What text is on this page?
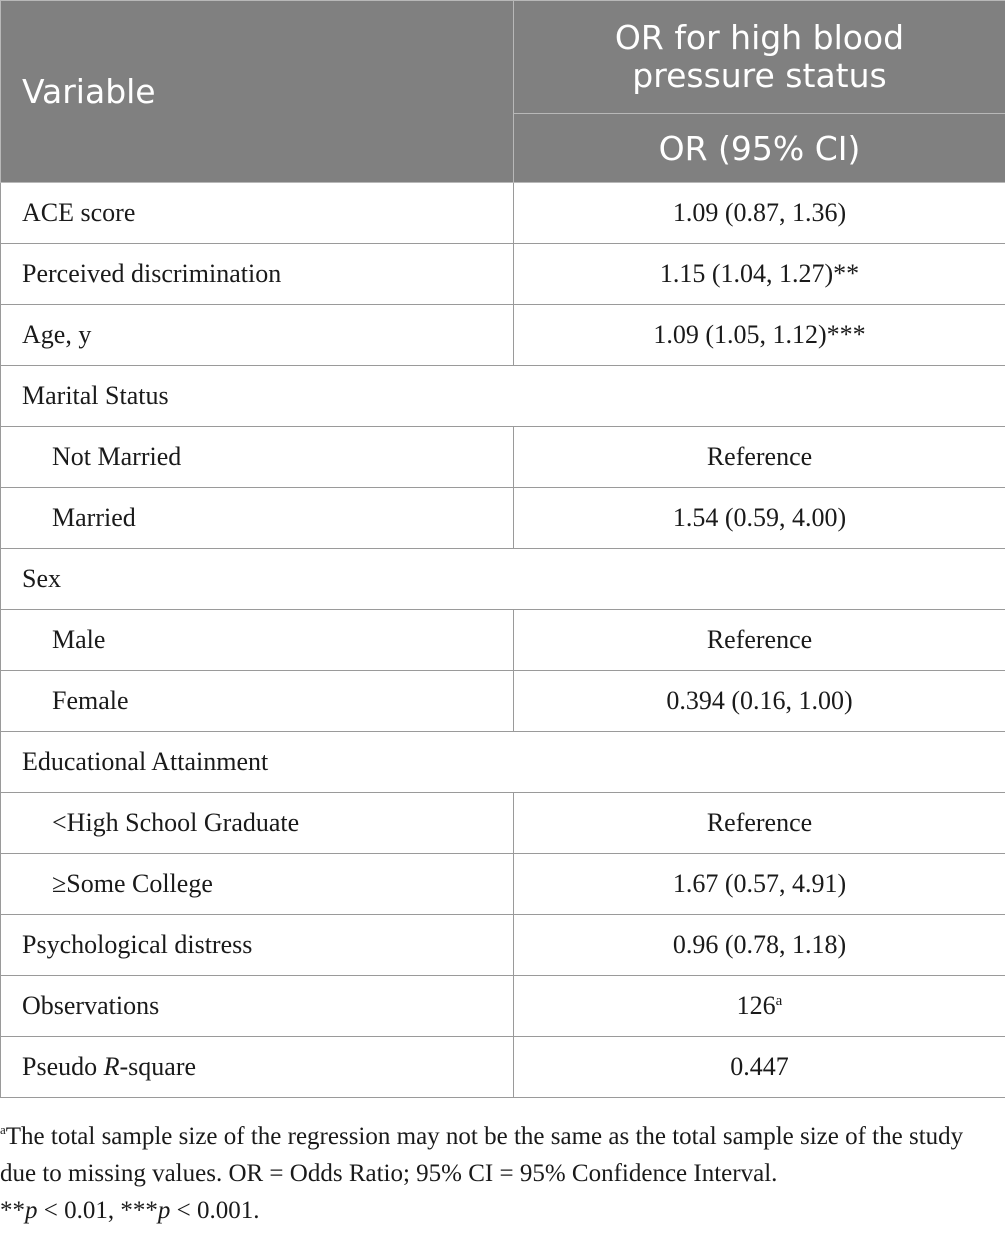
Variable	OR for high blood pressure status
	OR (95% CI)
ACE score	1.09 (0.87, 1.36)
Perceived discrimination	1.15 (1.04, 1.27)**
Age, y	1.09 (1.05, 1.12)***
Marital Status	
Not Married	Reference
Married	1.54 (0.59, 4.00)
Sex	
Male	Reference
Female	0.394 (0.16, 1.00)
Educational Attainment	
<High School Graduate	Reference
≥Some College	1.67 (0.57, 4.91)
Psychological distress	0.96 (0.78, 1.18)
Observations	126$^a$
Pseudo R-square	0.447

$^a$The total sample size of the regression may not be the same as the total sample size of the study due to missing values. OR = Odds Ratio; 95% CI = 95% Confidence Interval.

**p < 0.01, ***p < 0.001.
